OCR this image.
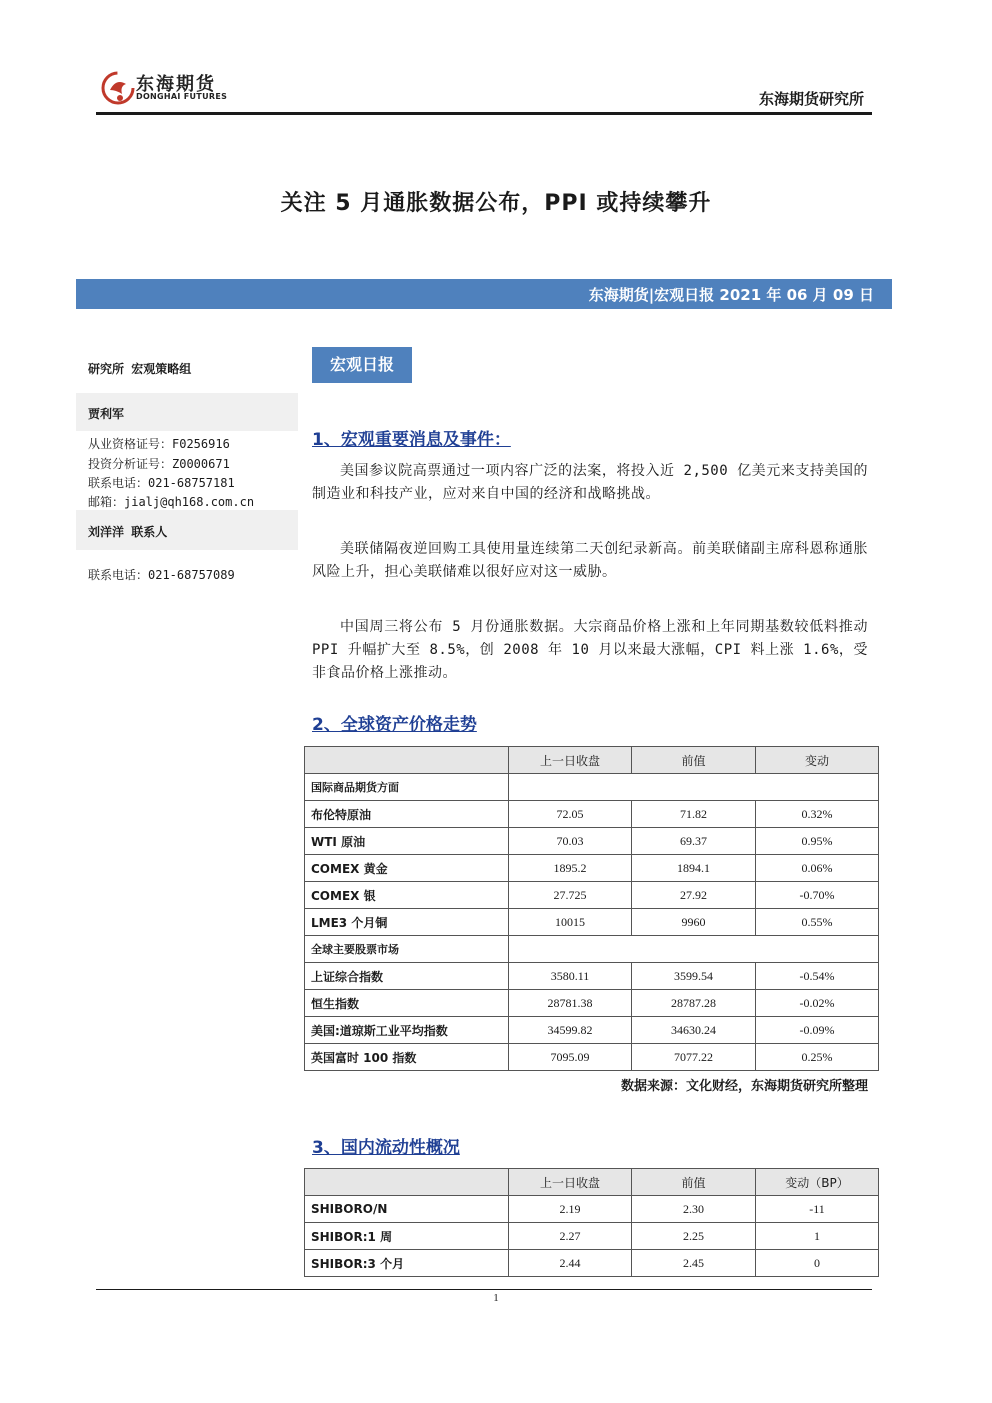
东海期货
DONGHAI FUTURES	东海期货研究所
关注 5 月通胀数据公布，PPI 或持续攀升
东海期货|宏观日报 2021 年 06 月 09 日
研究所 宏观策略组
贾利军
从业资格证号：F0256916
投资分析证号：Z0000671
联系电话：021-68757181
邮箱：jialj@qh168.com.cn
刘洋洋 联系人
联系电话：021-68757089
宏观日报
1、宏观重要消息及事件：
美国参议院高票通过一项内容广泛的法案，将投入近 2,500 亿美元来支持美国的制造业和科技产业，应对来自中国的经济和战略挑战。
美联储隔夜逆回购工具使用量连续第二天创纪录新高。前美联储副主席科恩称通胀风险上升，担心美联储难以很好应对这一威胁。
中国周三将公布 5 月份通胀数据。大宗商品价格上涨和上年同期基数较低料推动 PPI 升幅扩大至 8.5%，创 2008 年 10 月以来最大涨幅，CPI 料上涨 1.6%，受非食品价格上涨推动。
2、全球资产价格走势
	上一日收盘	前值	变动
国际商品期货方面			
布伦特原油	72.05	71.82	0.32%
WTI 原油	70.03	69.37	0.95%
COMEX 黄金	1895.2	1894.1	0.06%
COMEX 银	27.725	27.92	-0.70%
LME3 个月铜	10015	9960	0.55%
全球主要股票市场			
上证综合指数	3580.11	3599.54	-0.54%
恒生指数	28781.38	28787.28	-0.02%
美国:道琼斯工业平均指数	34599.82	34630.24	-0.09%
英国富时 100 指数	7095.09	7077.22	0.25%
数据来源：文化财经，东海期货研究所整理
3、国内流动性概况
	上一日收盘	前值	变动（BP）
SHIBORO/N	2.19	2.30	-11
SHIBOR:1 周	2.27	2.25	1
SHIBOR:3 个月	2.44	2.45	0
1
